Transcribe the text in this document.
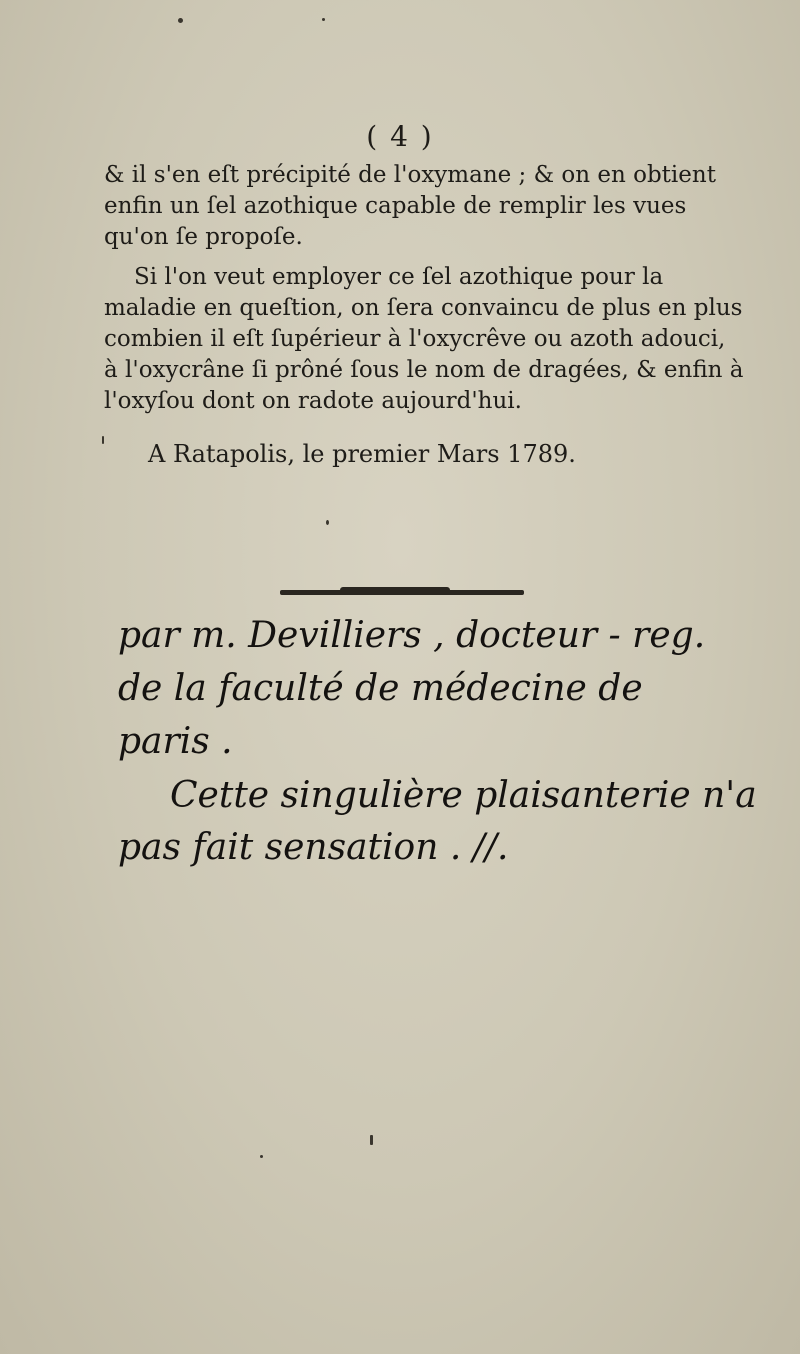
( 4 )

& il s'en eſt précipité de l'oxymane ; & on en obtient enfin un ſel azothique capable de remplir les vues qu'on ſe propoſe.

Si l'on veut employer ce ſel azothique pour la maladie en queſtion, on ſera convaincu de plus en plus combien il eſt ſupérieur à l'oxycrêve ou azoth adouci, à l'oxycrâne ſi prôné ſous le nom de dragées, & enfin à l'oxyſou dont on radote aujourd'hui.

A Ratapolis, le premier Mars 1789.

par m. Devilliers , docteur - reg.

de la faculté de médecine de

paris .

Cette singulière plaisanterie n'a

pas fait sensation . //.
